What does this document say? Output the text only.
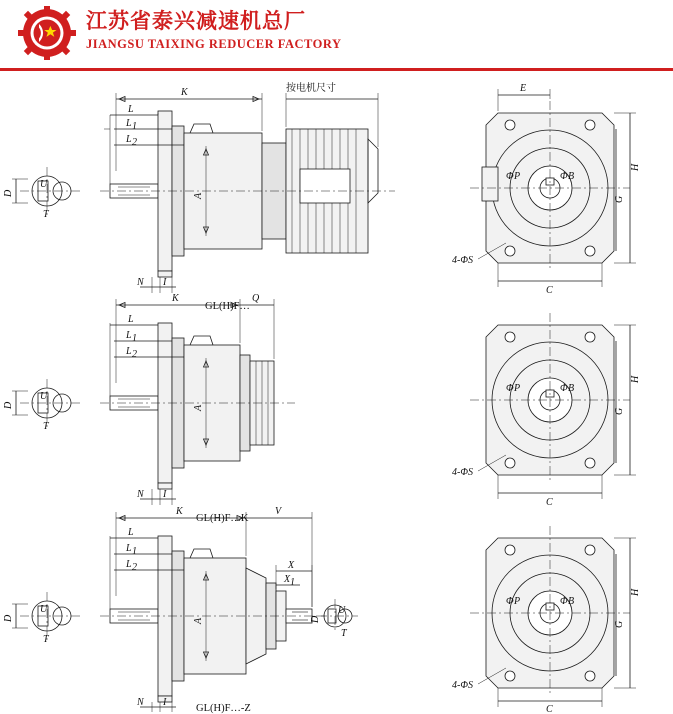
江苏省泰兴减速机总厂
JIANGSU TAIXING REDUCER FACTORY
D
U
T
A
N I
K	按电机尺寸
L
L 1
L 2
GL(H)F…
Φ P	Φ B
4-ΦS
E
H
G
C
D
U
T
A
N I
K	Q
L
L 1
L 2
GL(H)F…K
Φ P	Φ B
4-ΦS
H
G
C
D
U
T
A
N I
K	V
L
L 1
L 2	X
X 1
GL(H)F…-Z
D
U
T
Φ P	Φ B
4-ΦS
H
G
C
